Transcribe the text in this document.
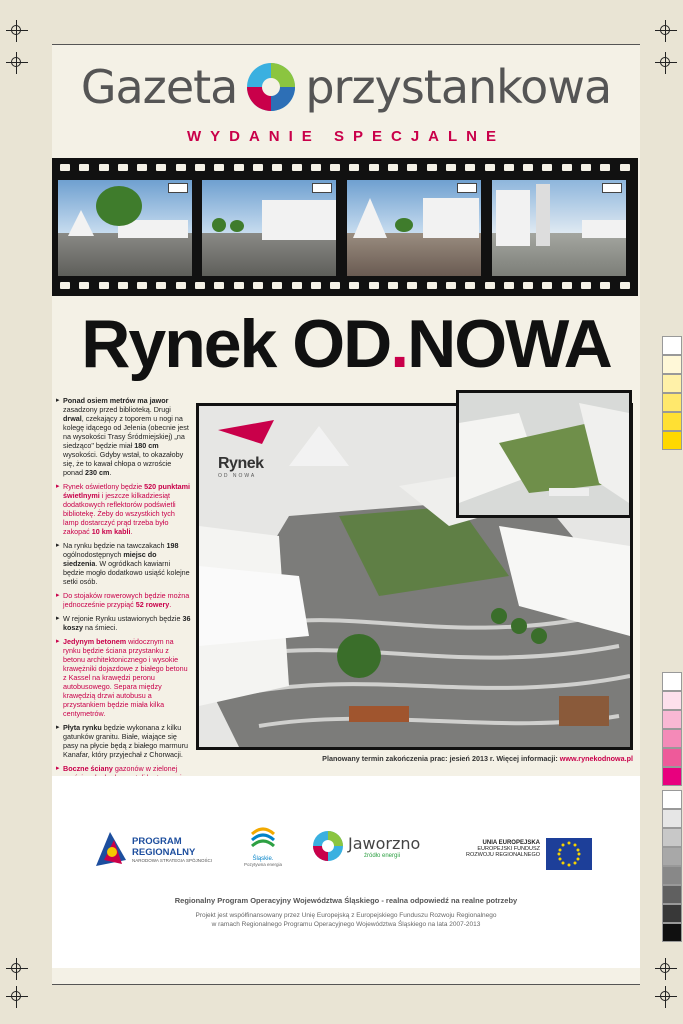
Gazeta przystankowa
WYDANIE SPECJALNE
Rynek OD.NOWA

▸ Ponad osiem metrów ma jawor zasadzony przed biblioteką. Drugi drwal, czekający z toporem u nogi na kolegę idącego od Jelenia (obecnie jest na wysokości Trasy Śródmiejskiej) „na siedząco" będzie miał 180 cm wysokości. Gdyby wstał, to okazałoby się, że to kawał chłopa o wzroście ponad 230 cm.

▸ Rynek oświetlony będzie 520 punktami świetlnymi i jeszcze kilkadziesiąt dodatkowych reflektorów podświetli bibliotekę. Żeby do wszystkich tych lamp dostarczyć prąd trzeba było zakopać 10 km kabli.

▸ Na rynku będzie na tawczakach 198 ogólnodostępnych miejsc do siedzenia. W ogródkach kawiarni będzie mogło dodatkowo usiąść kolejne setki osób.

▸ Do stojaków rowerowych będzie można jednocześnie przypiąć 52 rowery.

▸ W rejonie Rynku ustawionych będzie 36 koszy na śmieci.

▸ Jedynym betonem widocznym na rynku będzie ściana przystanku z betonu architektonicznego i wysokie krawężniki dojazdowe z białego betonu z Kassel na krawędzi peronu autobusowego. Separa między krawędzią drzwi autobusu a przystankiem będzie miała kilka centymetrów.

▸ Płyta rynku będzie wykonana z kilku gatunków granitu. Białe, wiające się pasy na płycie będą z białego marmuru Kanafar, który przyjechał z Chorwacji.

▸ Boczne ściany gazonów w zielonej

▸

▸

Rynek
OD NOWA
Planowany termin zakończenia prac: jesień 2013 r. Więcej informacji: www.rynekodnowa.pl
PROGRAM
REGIONALNY
NARODOWA STRATEGIA SPÓJNOŚCI	Śląskie.
Pozytywna energia
Jaworzno
źródło energii
UNIA EUROPEJSKA
EUROPEJSKI FUNDUSZ
ROZWOJU REGIONALNEGO
Regionalny Program Operacyjny Województwa Śląskiego - realna odpowiedź na realne potrzeby
Projekt jest współfinansowany przez Unię Europejską z Europejskiego Funduszu Rozwoju Regionalnego
w ramach Regionalnego Programu Operacyjnego Województwa Śląskiego na lata 2007-2013
